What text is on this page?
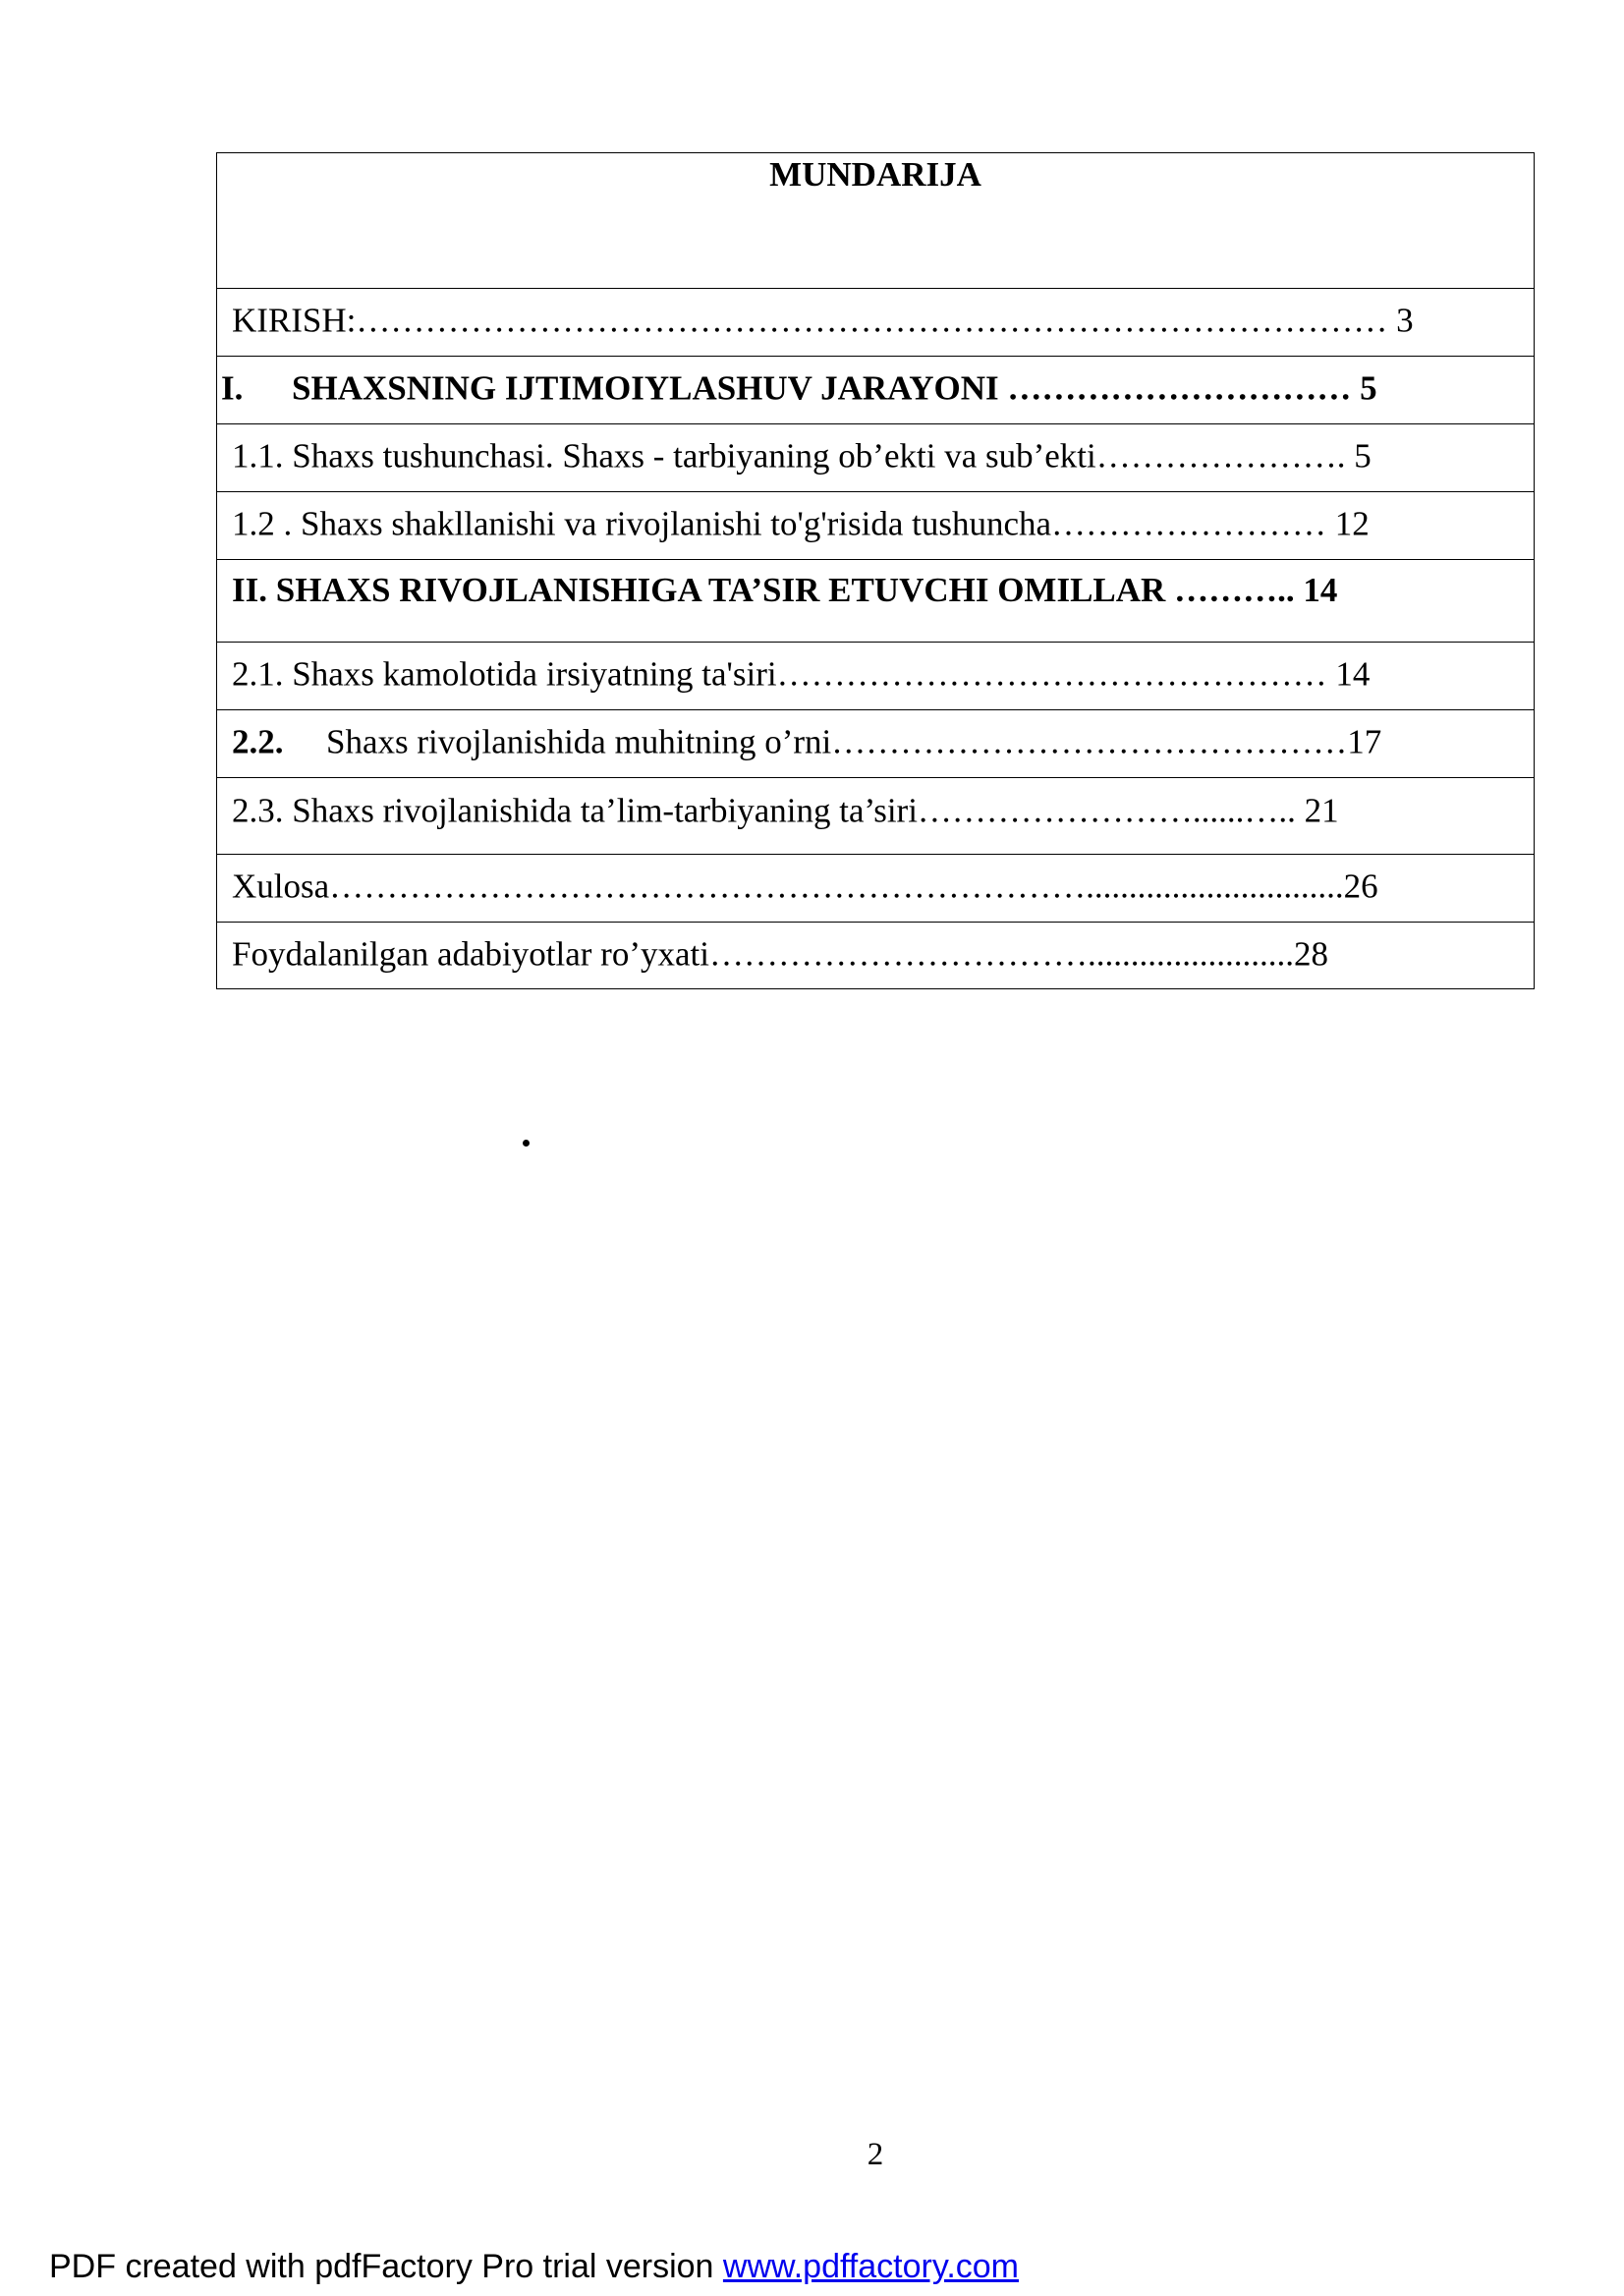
MUNDARIJA
KIRISH:……………………………………………………………………………… 3
I. SHAXSNING IJTIMOIYLASHUV JARAYONI ………………………… 5
1.1. Shaxs tushunchasi. Shaxs - tarbiyaning ob’ekti va sub’ekti…………………. 5
1.2 . Shaxs shakllanishi va rivojlanishi to'g'risida tushuncha…………………… 12
II. SHAXS RIVOJLANISHIGA TA’SIR ETUVCHI OMILLAR ……….. 14
2.1. Shaxs kamolotida irsiyatning ta'siri………………………………………… 14
2.2. Shaxs rivojlanishida muhitning o’rni………………………………………17
2.3. Shaxs rivojlanishida ta’lim-tarbiyaning ta’siri……………………......….. 21
Xulosa…………………………………………………………..............................26
Foydalanilgan adabiyotlar ro’yxati……………………………........................28
2
PDF created with pdfFactory Pro trial version www.pdffactory.com
